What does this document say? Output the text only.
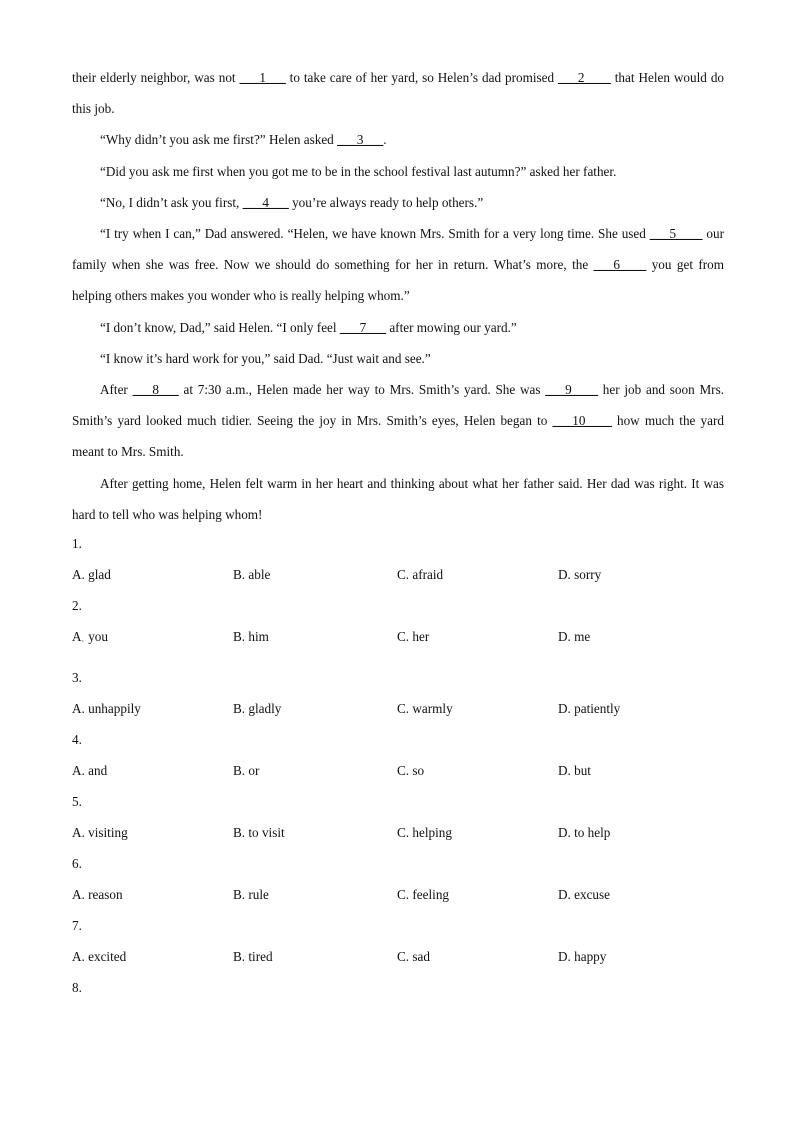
their elderly neighbor, was not ___1___ to take care of her yard, so Helen’s dad promised ___2____ that Helen would do this job.

“Why didn’t you ask me first?” Helen asked ___3___.

“Did you ask me first when you got me to be in the school festival last autumn?” asked her father.

“No, I didn’t ask you first, ___4___ you’re always ready to help others.”

“I try when I can,” Dad answered. “Helen, we have known Mrs. Smith for a very long time. She used ___5____ our family when she was free. Now we should do something for her in return. What’s more, the ___6____ you get from helping others makes you wonder who is really helping whom.”

“I don’t know, Dad,” said Helen. “I only feel ___7___ after mowing our yard.”

“I know it’s hard work for you,” said Dad. “Just wait and see.”

After ___8___ at 7:30 a.m., Helen made her way to Mrs. Smith’s yard. She was ___9____ her job and soon Mrs. Smith’s yard looked much tidier. Seeing the joy in Mrs. Smith’s eyes, Helen began to ___10____ how much the yard meant to Mrs. Smith.

After getting home, Helen felt warm in her heart and thinking about what her father said. Her dad was right. It was hard to tell who was helping whom!

1.
A. glad	B. able	C. afraid	D. sorry
2.
$A_\cdot$ you	B. him	C. her	D. me
3.
A. unhappily	B. gladly	C. warmly	D. patiently
4.
A. and	B. or	C. so	D. but
5.
A. visiting	B. to visit	C. helping	D. to help
6.
A. reason	B. rule	C. feeling	D. excuse
7.
A. excited	B. tired	C. sad	D. happy
8.
